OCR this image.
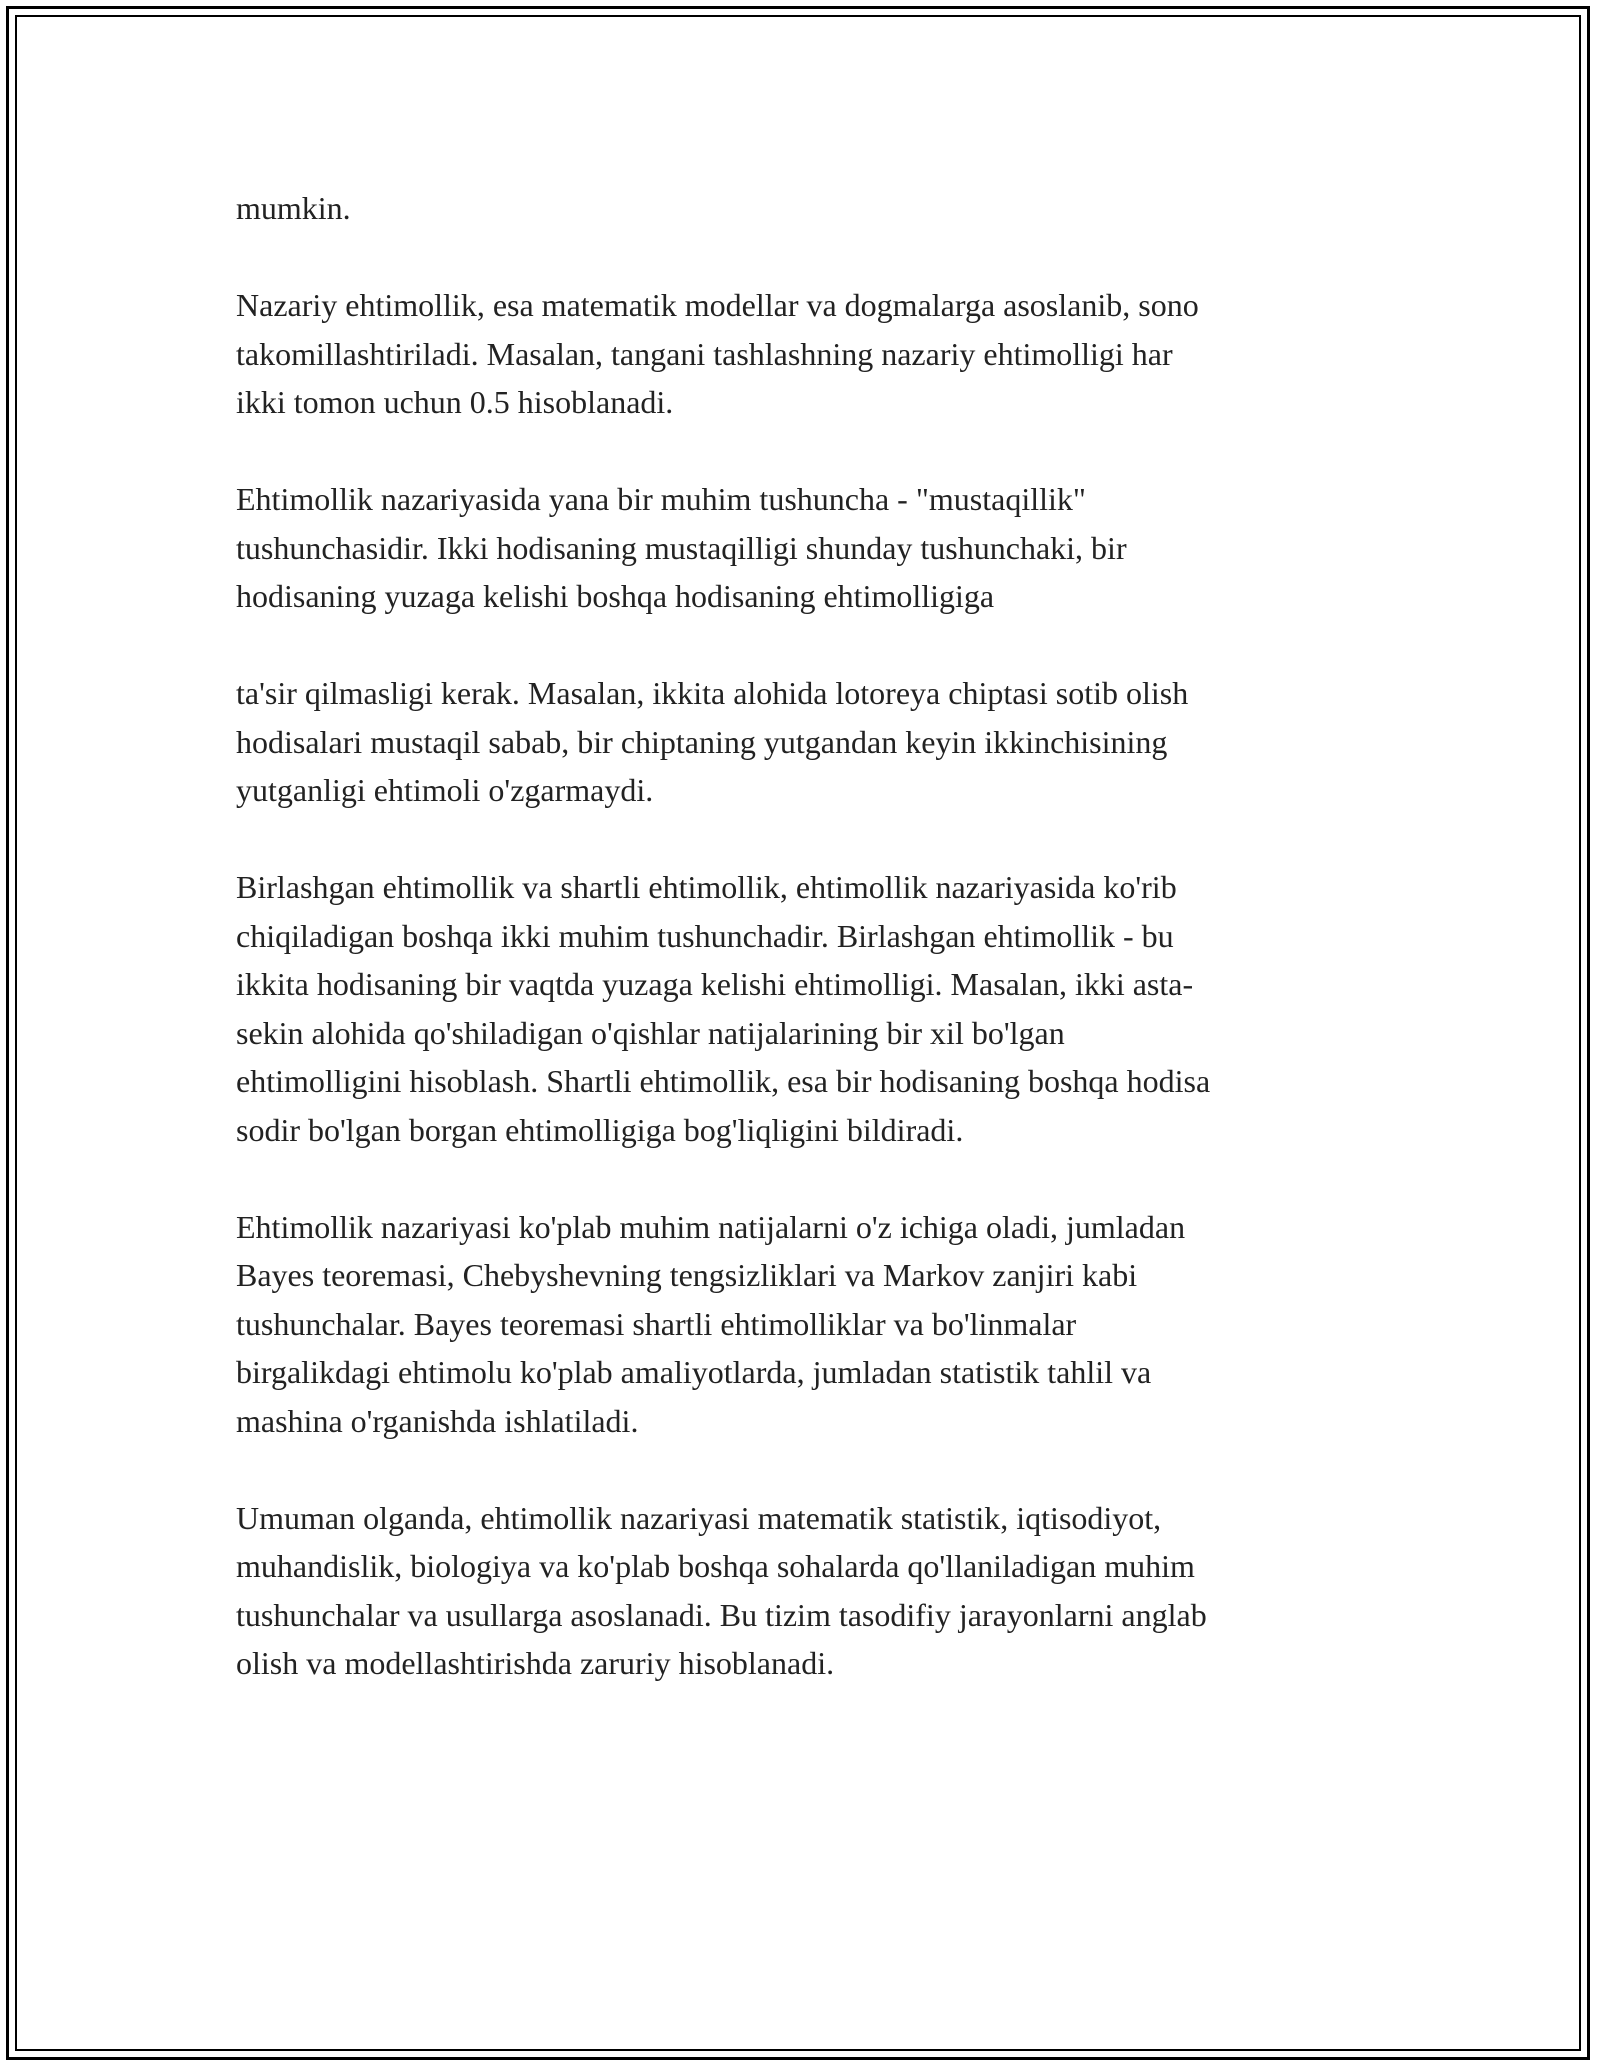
mumkin.

Nazariy ehtimollik, esa matematik modellar va dogmalarga asoslanib, sono
takomillashtiriladi. Masalan, tangani tashlashning nazariy ehtimolligi har
ikki tomon uchun 0.5 hisoblanadi.

Ehtimollik nazariyasida yana bir muhim tushuncha - "mustaqillik"
tushunchasidir. Ikki hodisaning mustaqilligi shunday tushunchaki, bir
hodisaning yuzaga kelishi boshqa hodisaning ehtimolligiga

ta'sir qilmasligi kerak. Masalan, ikkita alohida lotoreya chiptasi sotib olish
hodisalari mustaqil sabab, bir chiptaning yutgandan keyin ikkinchisining
yutganligi ehtimoli o'zgarmaydi.

Birlashgan ehtimollik va shartli ehtimollik, ehtimollik nazariyasida ko'rib
chiqiladigan boshqa ikki muhim tushunchadir. Birlashgan ehtimollik - bu
ikkita hodisaning bir vaqtda yuzaga kelishi ehtimolligi. Masalan, ikki asta-
sekin alohida qo'shiladigan o'qishlar natijalarining bir xil bo'lgan
ehtimolligini hisoblash. Shartli ehtimollik, esa bir hodisaning boshqa hodisa
sodir bo'lgan borgan ehtimolligiga bog'liqligini bildiradi.

Ehtimollik nazariyasi ko'plab muhim natijalarni o'z ichiga oladi, jumladan
Bayes teoremasi, Chebyshevning tengsizliklari va Markov zanjiri kabi
tushunchalar. Bayes teoremasi shartli ehtimolliklar va bo'linmalar
birgalikdagi ehtimolu ko'plab amaliyotlarda, jumladan statistik tahlil va
mashina o'rganishda ishlatiladi.

Umuman olganda, ehtimollik nazariyasi matematik statistik, iqtisodiyot,
muhandislik, biologiya va ko'plab boshqa sohalarda qo'llaniladigan muhim
tushunchalar va usullarga asoslanadi. Bu tizim tasodifiy jarayonlarni anglab
olish va modellashtirishda zaruriy hisoblanadi.
